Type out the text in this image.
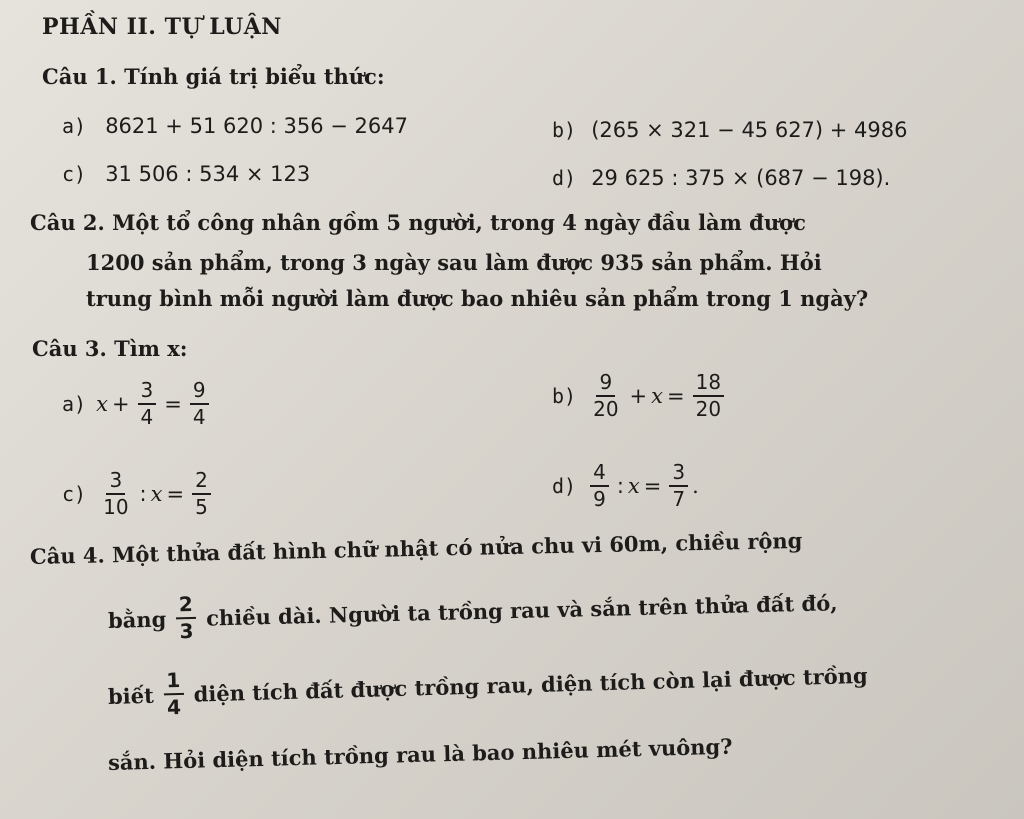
PHẦN II. TỰ LUẬN
Câu 1. Tính giá trị biểu thức:
a) 8621 + 51 620 : 356 − 2647	b) (265 × 321 − 45 627) + 4986
c) 31 506 : 534 × 123	d) 29 625 : 375 × (687 − 198).
Câu 2. Một tổ công nhân gồm 5 người, trong 4 ngày đầu làm được
1200 sản phẩm, trong 3 ngày sau làm được 935 sản phẩm. Hỏi
trung bình mỗi người làm được bao nhiêu sản phẩm trong 1 ngày?
Câu 3. Tìm x:
a) $x + \frac{3}{4} = \frac{9}{4}$	$b) \frac{9}{20} + x = \frac{18}{20}$
$c) \frac{3}{10}$ : $x = \frac{2}{5}$	$d) \frac{4}{9}$ : $x = \frac{3}{7}$ .
Câu 4. Một thửa đất hình chữ nhật có nửa chu vi 60m, chiều rộng
bằng $\frac{2}{3}$ chiều dài. Người ta trồng rau và sắn trên thửa đất đó,
biết $\frac{1}{4}$ diện tích đất được trồng rau, diện tích còn lại được trồng
sắn. Hỏi diện tích trồng rau là bao nhiêu mét vuông?
